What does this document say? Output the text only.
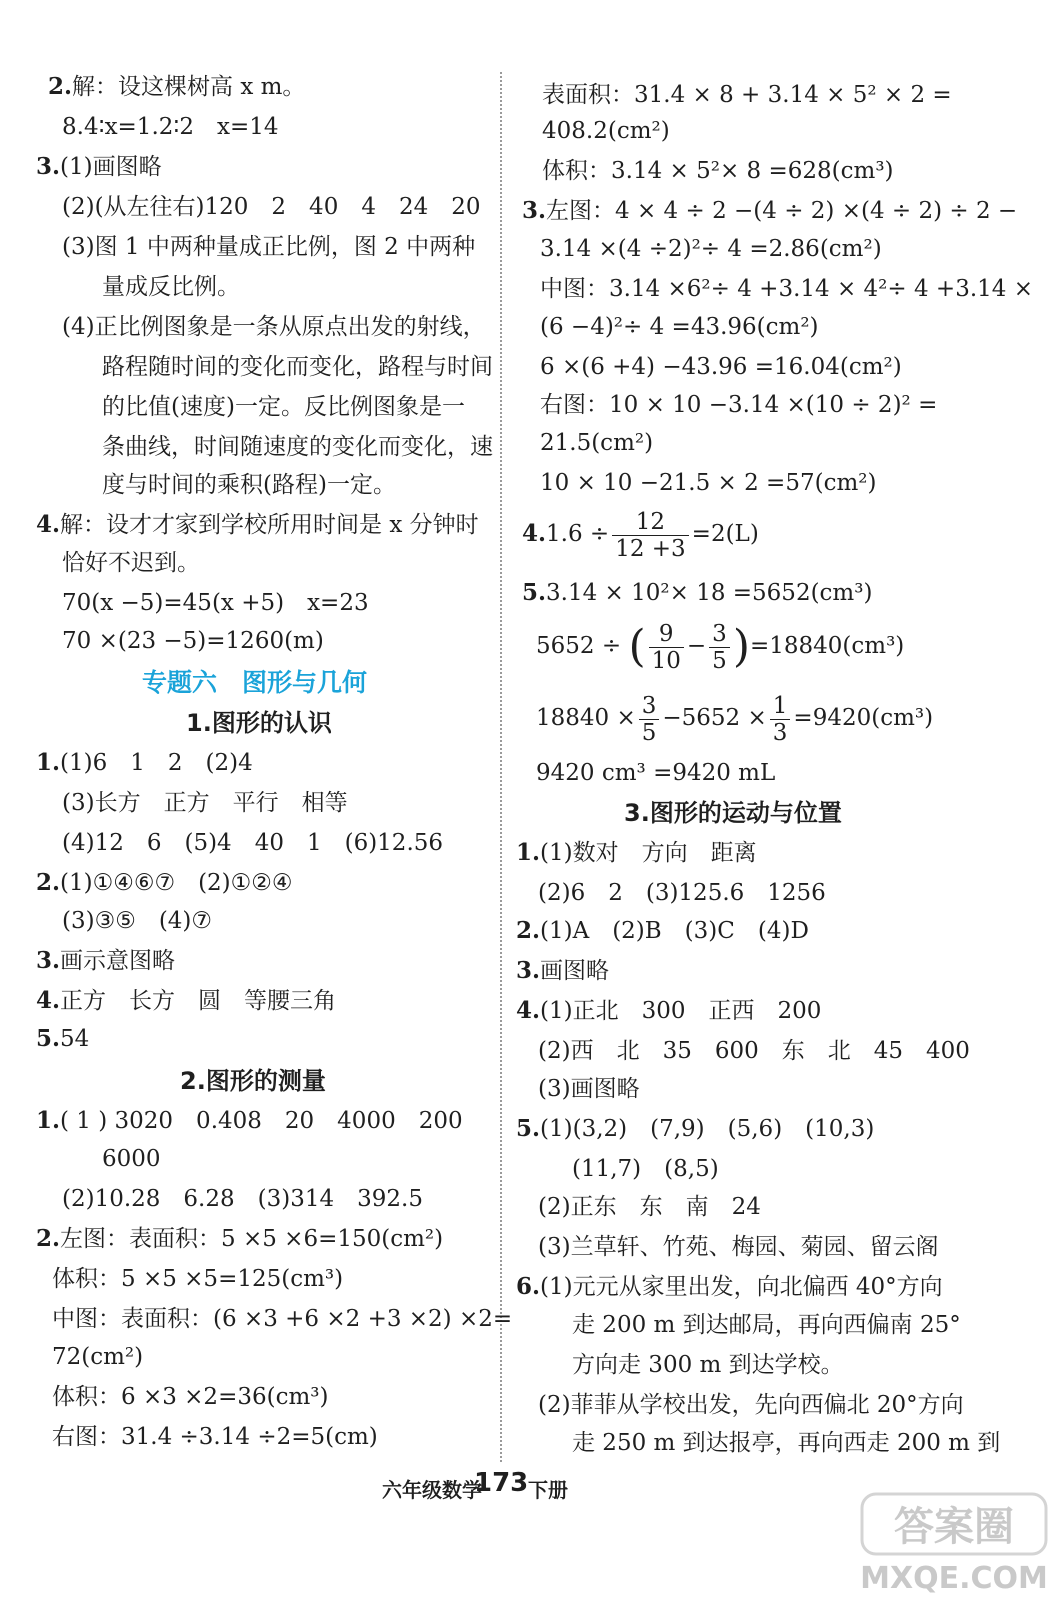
2.解：设这棵树高 x m。
8.4∶x=1.2∶2　x=14
3.(1)画图略
(2)(从左往右)120　2　40　4　24　20
(3)图 1 中两种量成正比例，图 2 中两种
量成反比例。
(4)正比例图象是一条从原点出发的射线，
路程随时间的变化而变化，路程与时间
的比值(速度)一定。反比例图象是一
条曲线，时间随速度的变化而变化，速
度与时间的乘积(路程)一定。
4.解：设才才家到学校所用时间是 x 分钟时
恰好不迟到。
70(x −5)=45(x +5)　x=23
70 ×(23 −5)=1260(m)
专题六　图形与几何
1.图形的认识
1.(1)6　1　2　(2)4
(3)长方　正方　平行　相等
(4)12　6　(5)4　40　1　(6)12.56
2.(1)①④⑥⑦　(2)①②④
(3)③⑤　(4)⑦
3.画示意图略
4.正方　长方　圆　等腰三角
5.54
2.图形的测量
1.( 1 ) 3020　0.408　20　4000　200
6000
(2)10.28　6.28　(3)314　392.5
2.左图：表面积：5 ×5 ×6=150(cm²)
体积：5 ×5 ×5=125(cm³)
中图：表面积：(6 ×3 +6 ×2 +3 ×2) ×2=
72(cm²)
体积：6 ×3 ×2=36(cm³)
右图：31.4 ÷3.14 ÷2=5(cm)
表面积：31.4 × 8 + 3.14 × 5² × 2 =
408.2(cm²)
体积：3.14 × 5²× 8 =628(cm³)
3.左图：4 × 4 ÷ 2 −(4 ÷ 2) ×(4 ÷ 2) ÷ 2 −
3.14 ×(4 ÷2)²÷ 4 =2.86(cm²)
中图：3.14 ×6²÷ 4 +3.14 × 4²÷ 4 +3.14 ×
(6 −4)²÷ 4 =43.96(cm²)
6 ×(6 +4) −43.96 =16.04(cm²)
右图：10 × 10 −3.14 ×(10 ÷ 2)² =
21.5(cm²)
10 × 10 −21.5 × 2 =57(cm²)
$4.1.6 \div \frac{12}{12 +3} =2(L)$
5.3.14 × 10²× 18 =5652(cm³)
5652 ÷ ( $\frac{9}{10} - \frac{3}{5} )=18840(cm^3)$
$18840 \times \frac{3}{5} -5652 \times \frac{1}{3} =9420(cm^3)$
9420 cm³ =9420 mL
3.图形的运动与位置
1.(1)数对　方向　距离
(2)6　2　(3)125.6　1256
2.(1)A　(2)B　(3)C　(4)D
3.画图略
4.(1)正北　300　正西　200
(2)西　北　35　600　东　北　45　400
(3)画图略
5.(1)(3,2)　(7,9)　(5,6)　(10,3)
(11,7)　(8,5)
(2)正东　东　南　24
(3)兰草轩、竹苑、梅园、菊园、留云阁
6.(1)元元从家里出发，向北偏西 40°方向
走 200 m 到达邮局，再向西偏南 25°
方向走 300 m 到达学校。
(2)菲菲从学校出发，先向西偏北 20°方向
走 250 m 到达报亭，再向西走 200 m 到
六年级数学
173 下册
答案圈
MXQE.COM
